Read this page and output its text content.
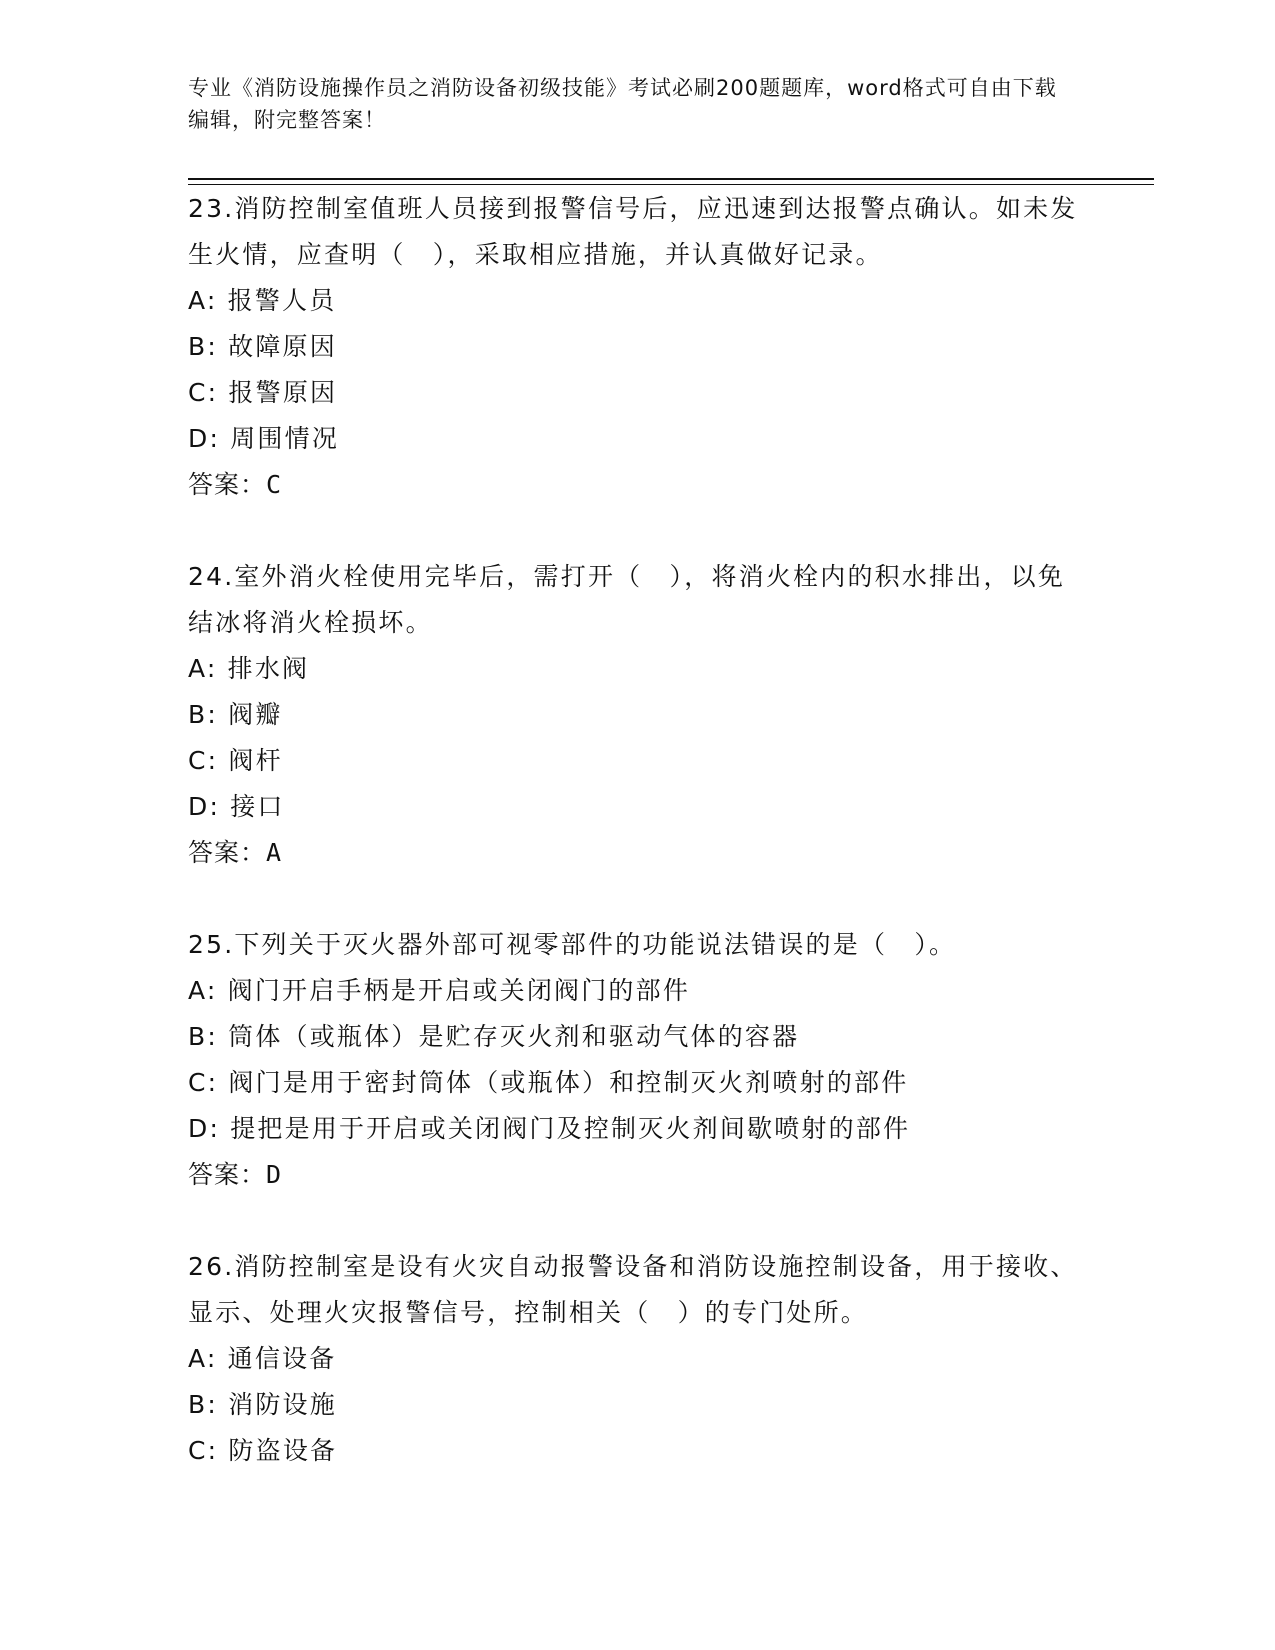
专业《消防设施操作员之消防设备初级技能》考试必刷200题题库，word格式可自由下载编辑，附完整答案！
23.消防控制室值班人员接到报警信号后，应迅速到达报警点确认。如未发生火情，应查明（　），采取相应措施，并认真做好记录。
A: 报警人员
B: 故障原因
C: 报警原因
D: 周围情况
答案：C
24.室外消火栓使用完毕后，需打开（　），将消火栓内的积水排出，以免结冰将消火栓损坏。
A: 排水阀
B: 阀瓣
C: 阀杆
D: 接口
答案：A
25.下列关于灭火器外部可视零部件的功能说法错误的是（　）。
A: 阀门开启手柄是开启或关闭阀门的部件
B: 筒体（或瓶体）是贮存灭火剂和驱动气体的容器
C: 阀门是用于密封筒体（或瓶体）和控制灭火剂喷射的部件
D: 提把是用于开启或关闭阀门及控制灭火剂间歇喷射的部件
答案：D
26.消防控制室是设有火灾自动报警设备和消防设施控制设备，用于接收、显示、处理火灾报警信号，控制相关（　）的专门处所。
A: 通信设备
B: 消防设施
C: 防盗设备
